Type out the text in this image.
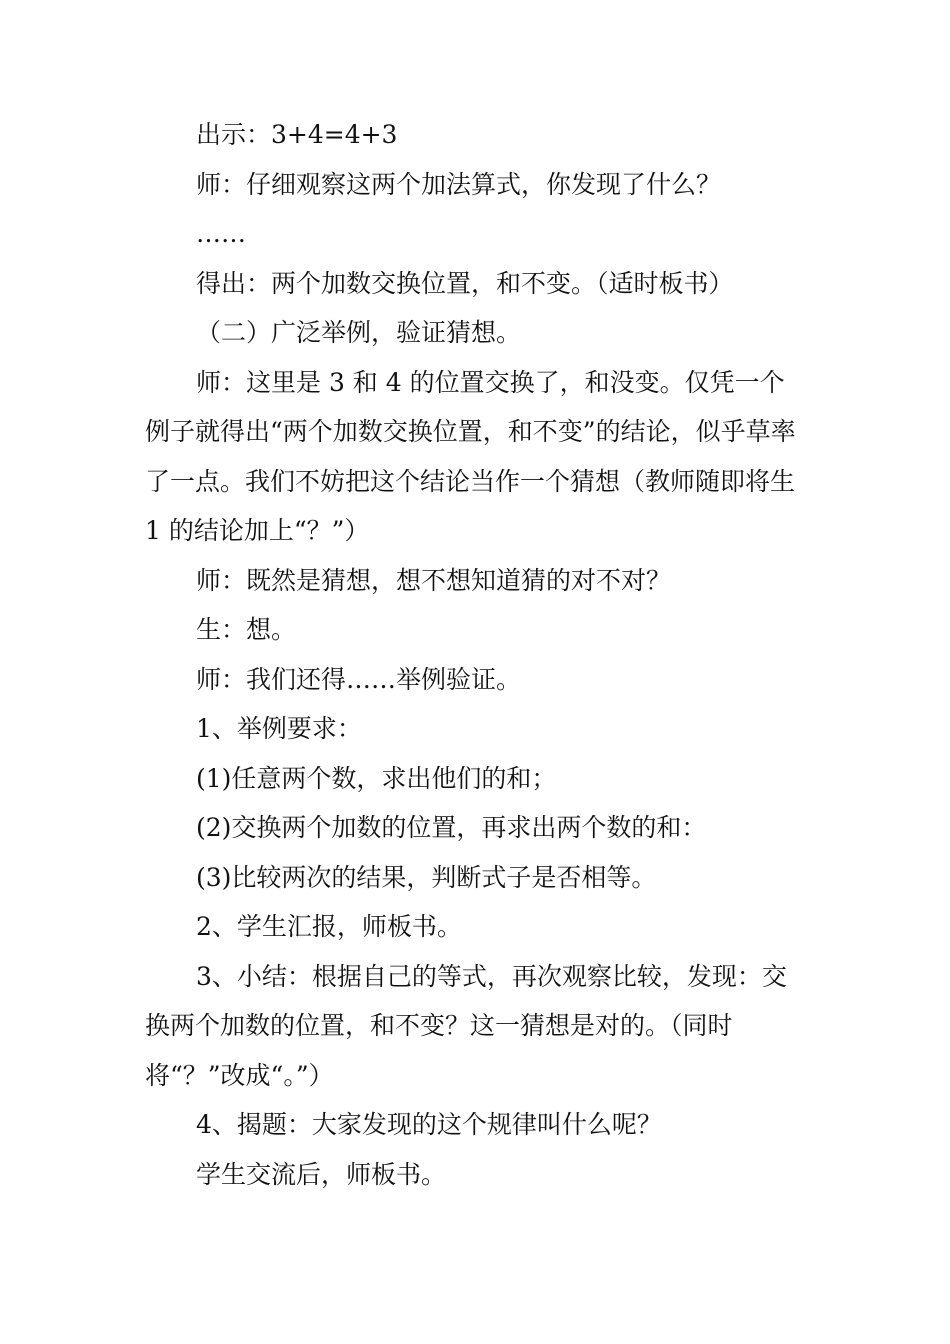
出示：3+4=4+3

师：仔细观察这两个加法算式，你发现了什么？

……

得出：两个加数交换位置，和不变。（适时板书）

（二）广泛举例，验证猜想。

师：这里是 3 和 4 的位置交换了，和没变。仅凭一个例子就得出“两个加数交换位置，和不变”的结论，似乎草率了一点。我们不妨把这个结论当作一个猜想（教师随即将生 1 的结论加上“？”）

师：既然是猜想，想不想知道猜的对不对？

生：想。

师：我们还得……举例验证。

1、举例要求：

(1)任意两个数，求出他们的和；

(2)交换两个加数的位置，再求出两个数的和：

(3)比较两次的结果，判断式子是否相等。

2、学生汇报，师板书。

3、小结：根据自己的等式，再次观察比较，发现：交换两个加数的位置，和不变？这一猜想是对的。（同时将“？”改成“。”）

4、揭题：大家发现的这个规律叫什么呢？

学生交流后，师板书。
